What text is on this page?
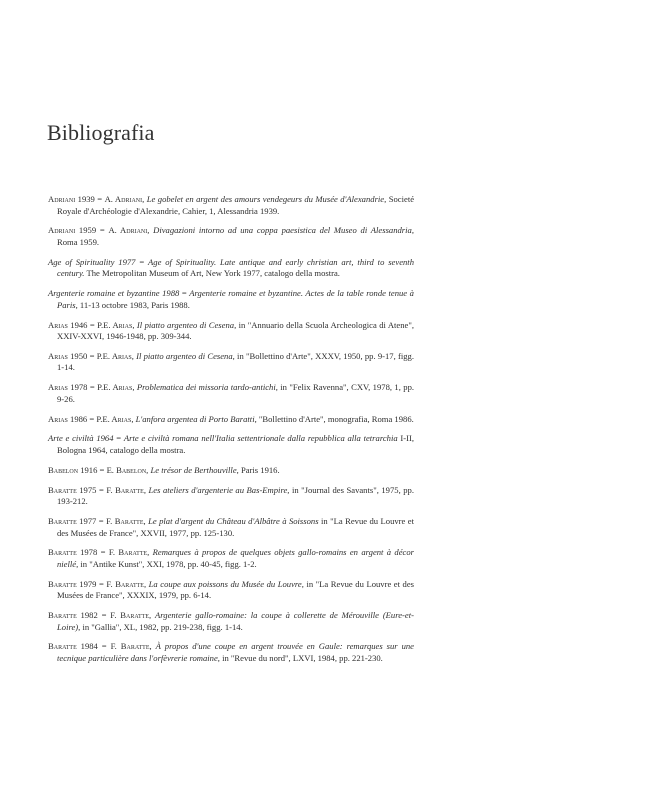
Bibliografia
Adriani 1939 = A. Adriani, Le gobelet en argent des amours vendegeurs du Musée d'Alexandrie, Societé Royale d'Archéologie d'Alexandrie, Cahier, 1, Alessandria 1939.
Adriani 1959 = A. Adriani, Divagazioni intorno ad una coppa paesistica del Museo di Alessandria, Roma 1959.
Age of Spirituality 1977 = Age of Spirituality. Late antique and early christian art, third to seventh century. The Metropolitan Museum of Art, New York 1977, catalogo della mostra.
Argenterie romaine et byzantine 1988 = Argenterie romaine et byzantine. Actes de la table ronde tenue à Paris, 11-13 octobre 1983, Paris 1988.
Arias 1946 = P.E. Arias, Il piatto argenteo di Cesena, in "Annuario della Scuola Archeologica di Atene", XXIV-XXVI, 1946-1948, pp. 309-344.
Arias 1950 = P.E. Arias, Il piatto argenteo di Cesena, in "Bollettino d'Arte", XXXV, 1950, pp. 9-17, figg. 1-14.
Arias 1978 = P.E. Arias, Problematica dei missoria tardo-antichi, in "Felix Ravenna", CXV, 1978, 1, pp. 9-26.
Arias 1986 = P.E. Arias, L'anfora argentea di Porto Baratti, "Bollettino d'Arte", monografia, Roma 1986.
Arte e civiltà 1964 = Arte e civiltà romana nell'Italia settentrionale dalla repubblica alla tetrarchia I-II, Bologna 1964, catalogo della mostra.
Babelon 1916 = E. Babelon, Le trésor de Berthouville, Paris 1916.
Baratte 1975 = F. Baratte, Les ateliers d'argenterie au Bas-Empire, in "Journal des Savants", 1975, pp. 193-212.
Baratte 1977 = F. Baratte, Le plat d'argent du Château d'Albâtre à Soissons in "La Revue du Louvre et des Musées de France", XXVII, 1977, pp. 125-130.
Baratte 1978 = F. Baratte, Remarques à propos de quelques objets gallo-romains en argent à décor niellé, in "Antike Kunst", XXI, 1978, pp. 40-45, figg. 1-2.
Baratte 1979 = F. Baratte, La coupe aux poissons du Musée du Louvre, in "La Revue du Louvre et des Musées de France", XXXIX, 1979, pp. 6-14.
Baratte 1982 = F. Baratte, Argenterie gallo-romaine: la coupe à collerette de Mérouville (Eure-et-Loire), in "Gallia", XL, 1982, pp. 219-238, figg. 1-14.
Baratte 1984 = F. Baratte, À propos d'une coupe en argent trouvée en Gaule: remarques sur une tecnique particulière dans l'orfèvrerie romaine, in "Revue du nord", LXVI, 1984, pp. 221-230.
